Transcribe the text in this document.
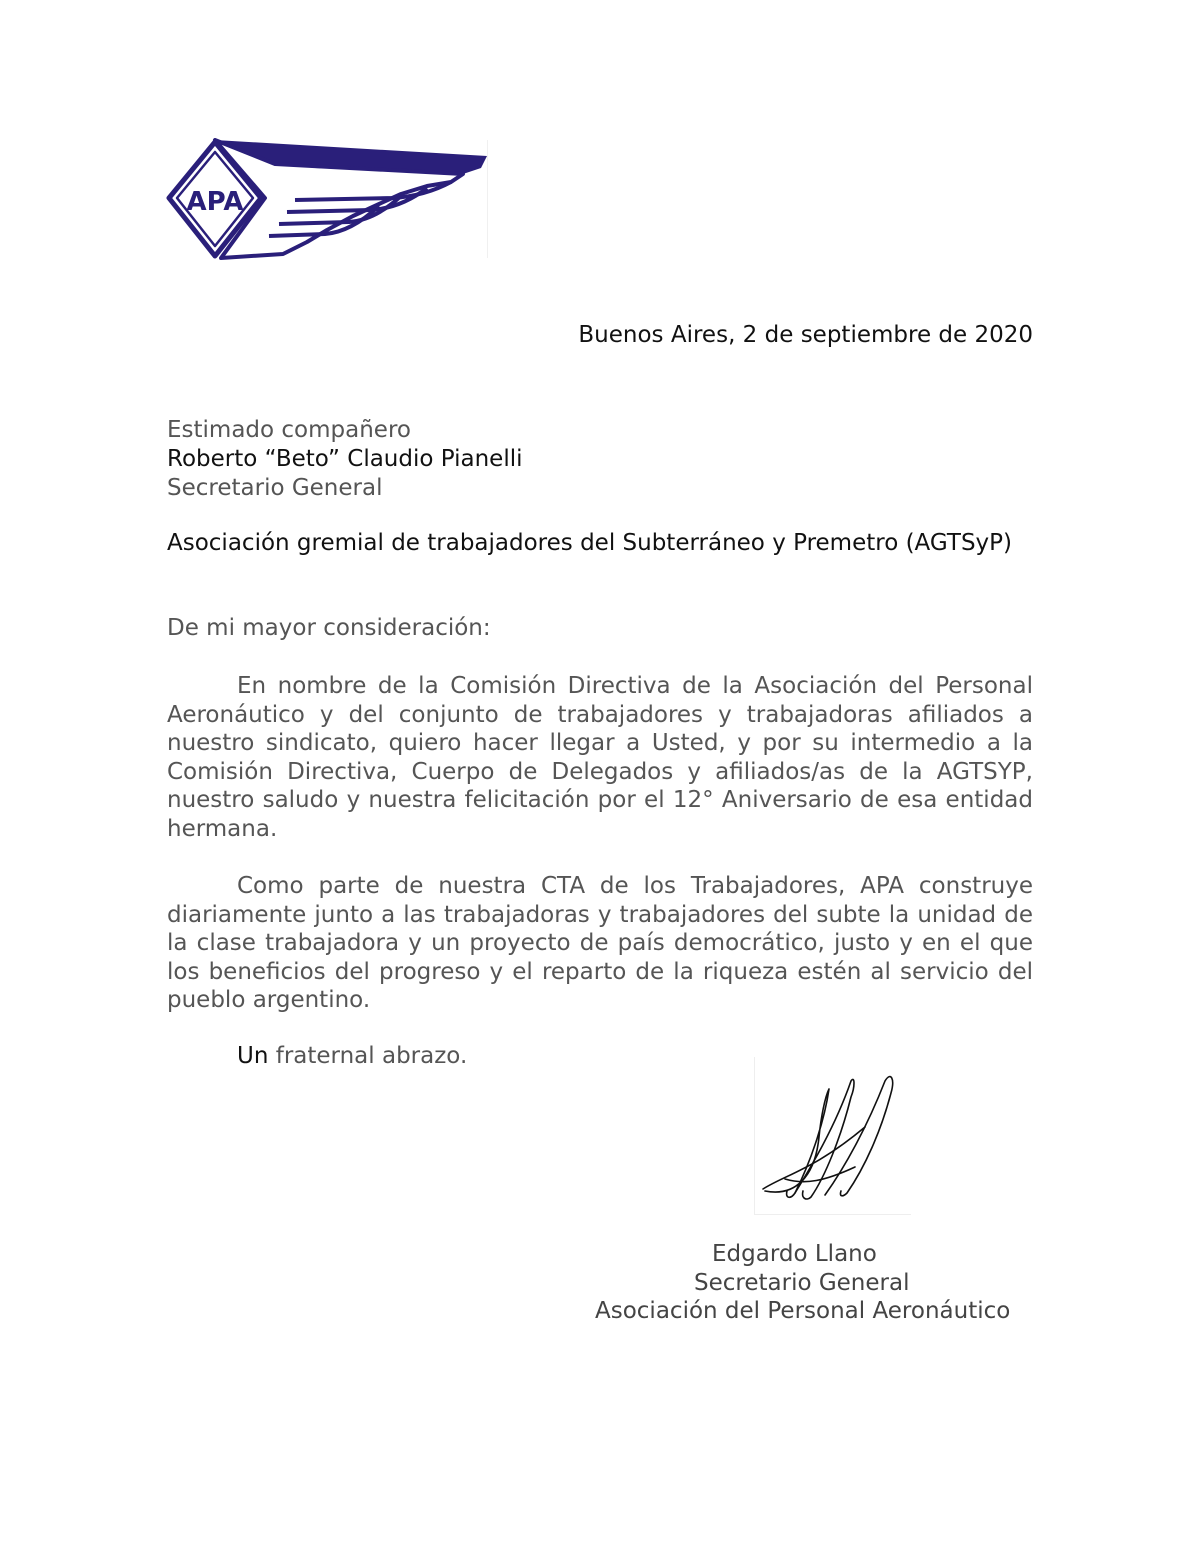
APA
Buenos Aires, 2 de septiembre de 2020
Estimado compañero
Roberto “Beto” Claudio Pianelli
Secretario General
Asociación gremial de trabajadores del Subterráneo y Premetro (AGTSyP)
De mi mayor consideración:

En nombre de la Comisión Directiva de la Asociación del Personal Aeronáutico y del conjunto de trabajadores y trabajadoras afiliados a nuestro sindicato, quiero hacer llegar a Usted, y por su intermedio a la Comisión Directiva, Cuerpo de Delegados y afiliados/as de la AGTSYP, nuestro saludo y nuestra felicitación por el 12° Aniversario de esa entidad hermana.

Como parte de nuestra CTA de los Trabajadores, APA construye diariamente junto a las trabajadoras y trabajadores del subte la unidad de la clase trabajadora y un proyecto de país democrático, justo y en el que los beneficios del progreso y el reparto de la riqueza estén al servicio del pueblo argentino.

Un fraternal abrazo.
Edgardo Llano
Secretario General
Asociación del Personal Aeronáutico
